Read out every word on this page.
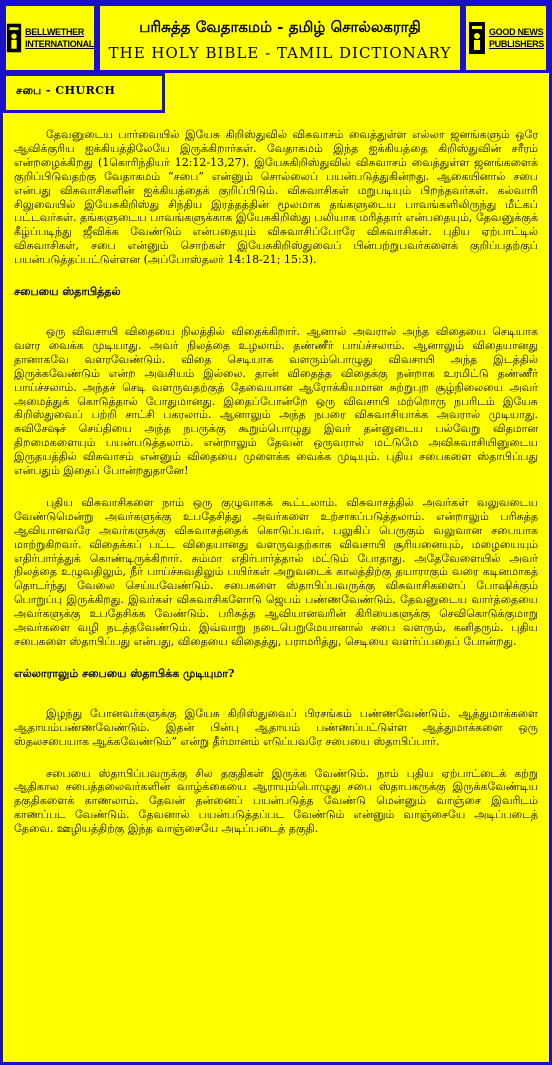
BELLWETHER
INTERNATIONAL
பரிசுத்த வேதாகமம் - தமிழ் சொல்லகராதி
THE HOLY BIBLE - TAMIL DICTIONARY
GOOD NEWS
PUBLISHERS
சபை - CHURCH

தேவனுடைய பார்வையில் இயேசு கிறிஸ்துவில் விசுவாசம் வைத்துள்ள எல்லா ஜனங்களும் ஒரே ஆவிக்குரிய ஐக்கியத்திலேயே இருக்கிறார்கள். வேதாகமம் இந்த ஐக்கியத்தை கிறிஸ்துவின் சரீரம் என்றழைக்கிறது (1கொரிந்தியர் 12:12-13,27). இயேசுகிறிஸ்துவில் விசுவாசம் வைத்துள்ள ஜனங்களைக் குறிப்பிடுவதற்கு வேதாகமம் “சபை” என்னும் சொல்லைப் பயன்படுத்துகின்றது. ஆகையினால் சபை என்பது விசுவாசிகளின் ஐக்கியத்தைக் குறிப்பிடும். விசுவாசிகள் மறுபடியும் பிறந்தவர்கள். கல்வாரி சிலுவையில் இயேசுகிறிஸ்து சிந்திய இரத்தத்தின் மூலமாக தங்களுடைய பாவங்களிலிருந்து மீட்கப் பட்டவர்கள். தங்களுடைய பாவங்களுக்காக இயேசுகிறிஸ்து பலியாக மரித்தார் என்பதையும், தேவனுக்குக் கீழ்ப்படிந்து ஜீவிக்க வேண்டும் என்பதையும் விசுவாசிப்போரே விசுவாசிகள். புதிய ஏற்பாட்டில் விசுவாசிகள், சபை என்னும் சொற்கள் இயேசுகிறிஸ்துவைப் பின்பற்றுபவர்களைக் குறிப்பதற்குப் பயன்படுத்தப்பட்டுள்ளன (அப்போஸ்தலர் 14:18-21; 15:3).

சபையை ஸ்தாபித்தல்

ஒரு விவசாயி விதையை நிலத்தில் விதைக்கிறார். ஆனால் அவரால் அந்த விதையை செடியாக வளர வைக்க முடியாது. அவர் நிலத்தை உழலாம். தண்ணீர் பாய்ச்சலாம். ஆனாலும் விதையானது தானாகவே வளரவேண்டும். விதை செடியாக வளரும்பொழுது விவசாயி அந்த இடத்தில் இருக்கவேண்டும் என்ற அவசியம் இல்லை. தான் விதைத்த விதைக்கு நன்றாக உரமிட்டு தண்ணீர் பாய்ச்சலாம். அந்தச் செடி வளருவதற்குத் தேவையான ஆரோக்கியமான சுற்றுபுற சூழ்நிலையை அவர் அமைத்துக் கொடுத்தால் போதுமானது. இதைப்போன்றே ஒரு விவசாயி மற்றொரு நபரிடம் இயேசு கிறிஸ்துவைப் பற்றி சாட்சி பகரலாம். ஆனாலும் அந்த நபரை விசுவாசியாக்க அவரால் முடியாது. சுவிசேஷச் செய்தியை அந்த நபருக்கு கூறும்பொழுது இவர் தன்னுடைய பல்வேறு விதமான திறமைகளையும் பயன்படுத்தலாம். என்றாலும் தேவன் ஒருவரால் மட்டுமே அவிசுவாசியினுடைய இருதயத்தில் விசுவாசம் என்னும் விதையை முளைக்க வைக்க முடியும். புதிய சபைகளை ஸ்தாபிப்பது என்பதும் இதைப் போன்றதுதானே!

புதிய விசுவாசிகளை நாம் ஒரு குழுவாகக் கூட்டலாம். விசுவாசத்தில் அவர்கள் வலுவடைய வேண்டுமென்று அவர்களுக்கு உபதேசித்து அவர்களை உற்சாகப்படுத்தலாம். என்றாலும் பரிசுத்த ஆவியானவரே அவர்களுக்கு விசுவாசத்தைக் கொடுப்பவர். பலுகிப் பெருகும் வலுவான சபையாக மாற்றுகிறவர். விதைக்கப் பட்ட விதையானது வளருவதற்காக விவசாயி சூரியனையும், மழையையும் எதிர்பார்த்துக் கொண்டிருக்கிறார். சும்மா எதிர்பார்த்தால் மட்டும் போதாது. அதேவேளையில் அவர் நிலத்தை உழுவதிலும், நீர் பாய்ச்சுவதிலும் பயிர்கள் அறுவடைக் காலத்திற்கு தயாராகும் வரை கடினமாகத் தொடர்ந்து வேலை செய்யவேண்டும். சபைகளை ஸ்தாபிப்பவருக்கு விசுவாசிகளைப் போஷிக்கும் பொறுப்பு இருக்கிறது. இவர்கள் விசுவாசிகளோடு ஜெபம் பண்ணவேண்டும். தேவனுடைய வார்த்தையை அவர்களுக்கு உபதேசிக்க வேண்டும். பரிசுத்த ஆவியானவரின் கிரியைகளுக்கு செவிகொடுக்குமாறு அவர்களை வழி நடத்தவேண்டும். இவ்வாறு நடைபெறுமேயானால் சபை வளரும், கனிதரும். புதிய சபைகளை ஸ்தாபிப்பது என்பது, விதையை விதைத்து, பராமரித்து, செடியை வளர்ப்பதைப் போன்றது.

எல்லாராலும் சபையை ஸ்தாபிக்க முடியுமா?

இழந்து போனவர்களுக்கு இயேசு கிறிஸ்துவைப் பிரசங்கம் பண்ணவேண்டும். ஆத்துமாக்களை ஆதாயம்பண்ணவேண்டும். இதன் பின்பு ஆதாயம் பண்ணப்பட்டுள்ள ஆத்துமாக்களை ஒரு ஸ்தலசபையாக ஆக்கவேண்டும்” என்று தீர்மானம் எடுப்பவரே சபையை ஸ்தாபிப்பார்.

சபையை ஸ்தாபிப்பவருக்கு சில தகுதிகள் இருக்க வேண்டும். நாம் புதிய ஏற்பாட்டைக் கற்று ஆதிகால சபைத்தலைவர்களின் வாழ்க்கையை ஆராயும்பொழுது சபை ஸ்தாபகருக்கு இருக்கவேண்டிய தகுதிகளைக் காணலாம். தேவன் தன்னைப் பயன்படுத்த வேண்டு மென்னும் வாஞ்சை இவரிடம் காணப்பட வேண்டும். தேவனால் பயன்படுத்தப்பட வேண்டும் என்னும் வாஞ்சையே அடிப்படைத் தேவை. ஊழியத்திற்கு இந்த வாஞ்சையே அடிப்படைத் தகுதி.
